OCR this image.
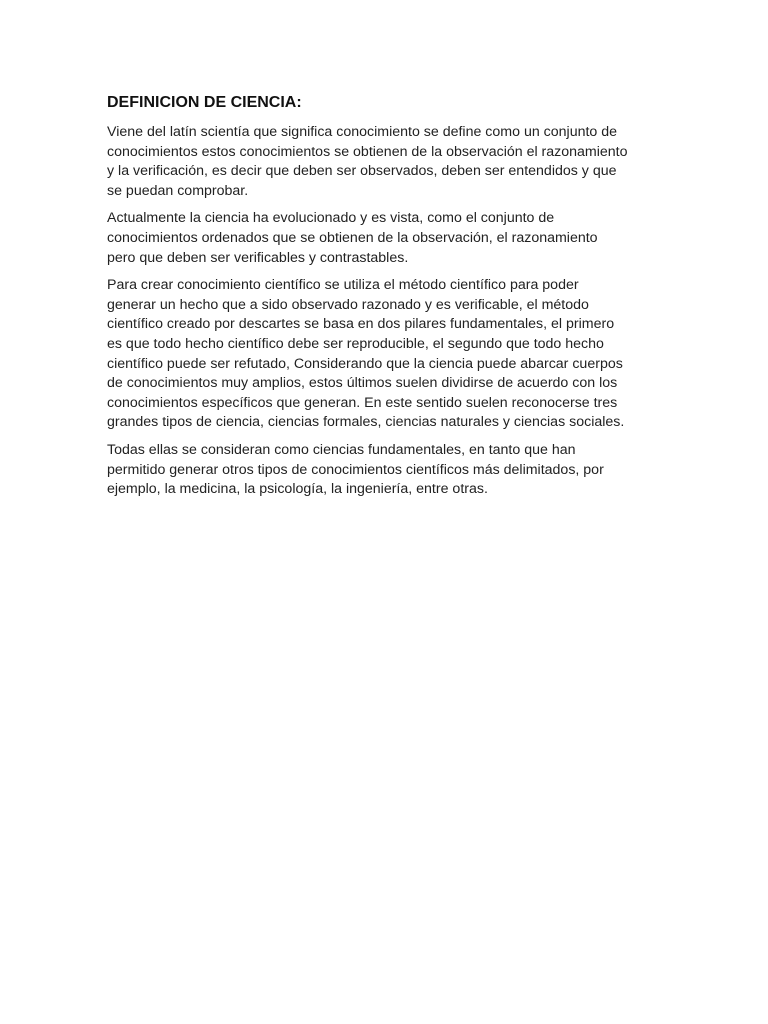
DEFINICION DE CIENCIA:

Viene del latín scientía que significa conocimiento se define como un conjunto de
conocimientos estos conocimientos se obtienen de la observación el razonamiento
y la verificación, es decir que deben ser observados, deben ser entendidos y que
se puedan comprobar.

Actualmente la ciencia ha evolucionado y es vista, como el conjunto de
conocimientos ordenados que se obtienen de la observación, el razonamiento
pero que deben ser verificables y contrastables.

Para crear conocimiento científico se utiliza el método científico para poder
generar un hecho que a sido observado razonado y es verificable, el método
científico creado por descartes se basa en dos pilares fundamentales, el primero
es que todo hecho científico debe ser reproducible, el segundo que todo hecho
científico puede ser refutado, Considerando que la ciencia puede abarcar cuerpos
de conocimientos muy amplios, estos últimos suelen dividirse de acuerdo con los
conocimientos específicos que generan. En este sentido suelen reconocerse tres
grandes tipos de ciencia, ciencias formales, ciencias naturales y ciencias sociales.

Todas ellas se consideran como ciencias fundamentales, en tanto que han
permitido generar otros tipos de conocimientos científicos más delimitados, por
ejemplo, la medicina, la psicología, la ingeniería, entre otras.
